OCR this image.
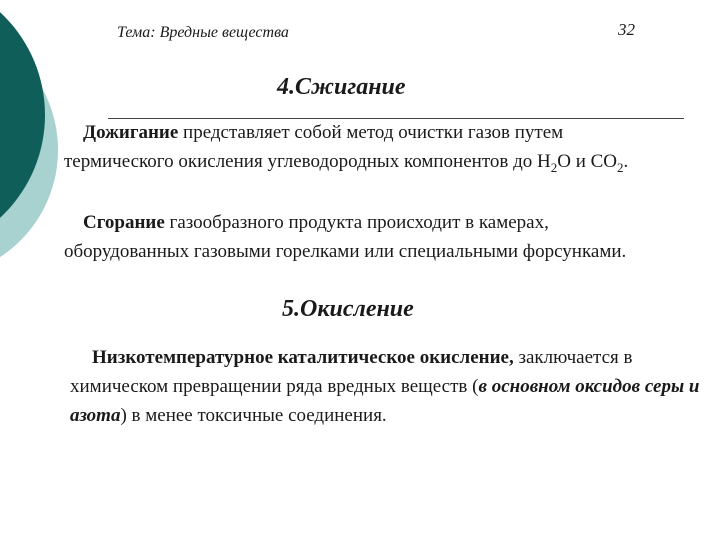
Тема: Вредные вещества	32
4.Сжигание
Дожигание представляет собой метод очистки газов путем термического окисления углеводородных компонентов до $Н_2О$ и $СО_2$.
Сгорание газообразного продукта происходит в камерах, оборудованных газовыми горелками или специальными форсунками.
5.Окисление
Низкотемпературное каталитическое окисление, заключается в химическом превращении ряда вредных веществ (в основном оксидов серы и азота) в менее токсичные соединения.
